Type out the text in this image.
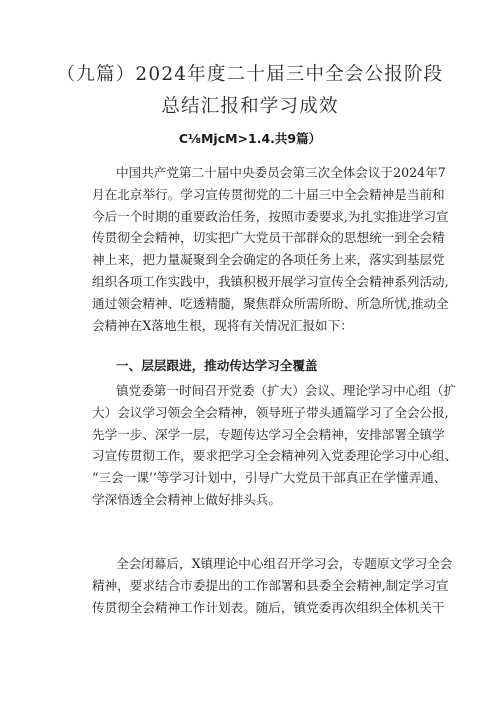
（九篇）2024年度二十届三中全会公报阶段
总结汇报和学习成效
C⅛MjcM>1.4.共9篇）
中国共产党第二十届中央委员会第三次全体会议于2024年7
月在北京举行。学习宣传贯彻党的二十届三中全会精神是当前和
今后一个时期的重要政治任务，按照市委要求,为扎实推进学习宣
传贯彻全会精神，切实把广大党员干部群众的思想统一到全会精
神上来，把力量凝聚到全会确定的各项任务上来，落实到基层党
组织各项工作实践中，我镇积极开展学习宣传全会精神系列活动,
通过领会精神、吃透精髓，聚焦群众所需所盼、所急所忧,推动全
会精神在X落地生根，现将有关情况汇报如下：
一、层层跟进，推动传达学习全覆盖
镇党委第一时间召开党委（扩大）会议、理论学习中心组（扩
大）会议学习领会全会精神，领导班子带头通篇学习了全会公报,
先学一步、深学一层，专题传达学习全会精神，安排部署全镇学
习宣传贯彻工作，要求把学习全会精神列入党委理论学习中心组、
“三会一课’’等学习计划中，引导广大党员干部真正在学懂弄通、
学深悟透全会精神上做好排头兵。
全会闭幕后，X镇理论中心组召开学习会，专题原文学习全会
精神，要求结合市委提出的工作部署和县委全会精神,制定学习宣
传贯彻全会精神工作计划表。随后，镇党委再次组织全体机关干
